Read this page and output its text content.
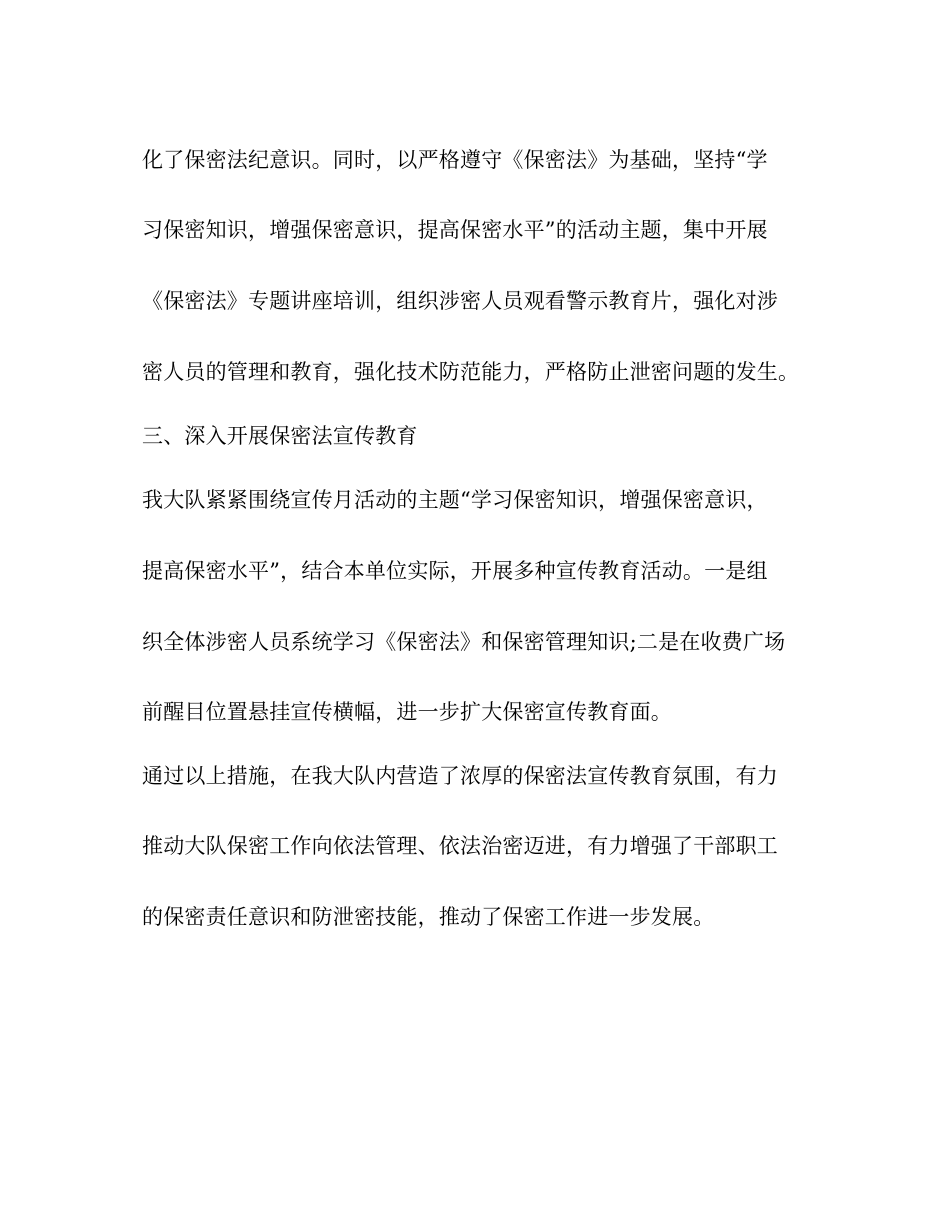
化了保密法纪意识。同时，以严格遵守《保密法》为基础，坚持“学
习保密知识，增强保密意识，提高保密水平”的活动主题，集中开展
《保密法》专题讲座培训，组织涉密人员观看警示教育片，强化对涉
密人员的管理和教育，强化技术防范能力，严格防止泄密问题的发生。
三、深入开展保密法宣传教育
我大队紧紧围绕宣传月活动的主题“学习保密知识，增强保密意识，
提高保密水平”，结合本单位实际，开展多种宣传教育活动。一是组
织全体涉密人员系统学习《保密法》和保密管理知识;二是在收费广场
前醒目位置悬挂宣传横幅，进一步扩大保密宣传教育面。
通过以上措施，在我大队内营造了浓厚的保密法宣传教育氛围，有力
推动大队保密工作向依法管理、依法治密迈进，有力增强了干部职工
的保密责任意识和防泄密技能，推动了保密工作进一步发展。
